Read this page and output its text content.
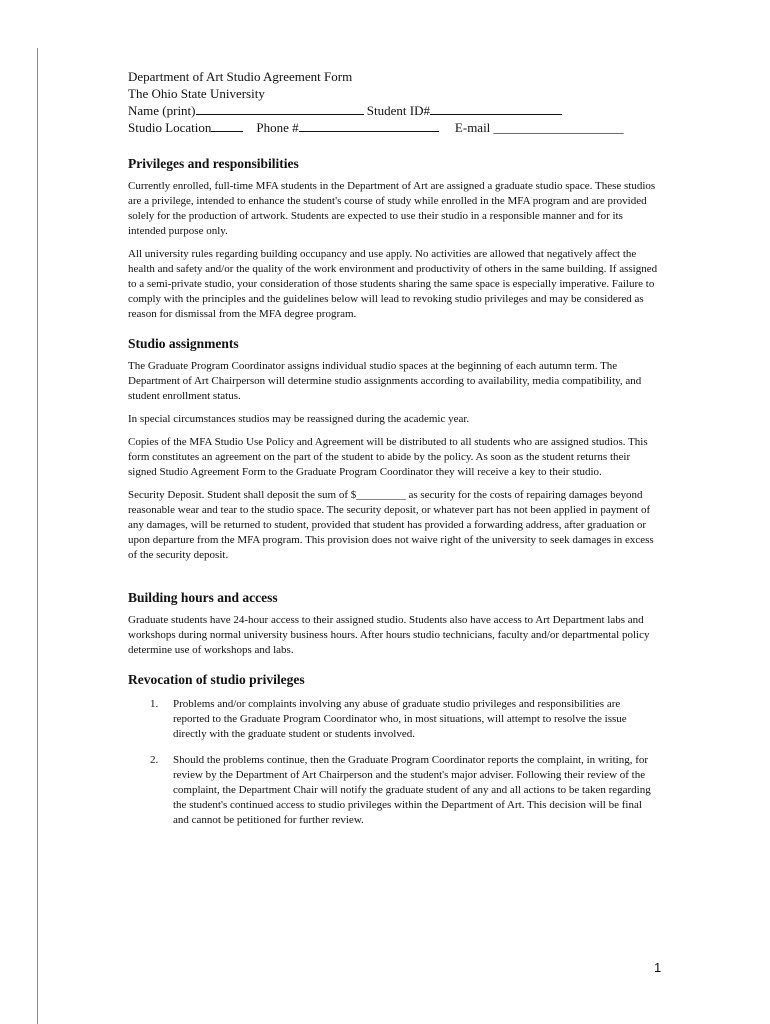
Department of Art Studio Agreement Form
The Ohio State University
Name (print)	Student ID#
Studio Location	Phone #	E-mail ____________________
Privileges and responsibilities

Currently enrolled, full-time MFA students in the Department of Art are assigned a graduate studio space. These studios are a privilege, intended to enhance the student's course of study while enrolled in the MFA program and are provided solely for the production of artwork. Students are expected to use their studio in a responsible manner and for its intended purpose only.

All university rules regarding building occupancy and use apply. No activities are allowed that negatively affect the health and safety and/or the quality of the work environment and productivity of others in the same building. If assigned to a semi-private studio, your consideration of those students sharing the same space is especially imperative. Failure to comply with the principles and the guidelines below will lead to revoking studio privileges and may be considered as reason for dismissal from the MFA degree program.

Studio assignments

The Graduate Program Coordinator assigns individual studio spaces at the beginning of each autumn term. The Department of Art Chairperson will determine studio assignments according to availability, media compatibility, and student enrollment status.

In special circumstances studios may be reassigned during the academic year.

Copies of the MFA Studio Use Policy and Agreement will be distributed to all students who are assigned studios. This form constitutes an agreement on the part of the student to abide by the policy. As soon as the student returns their signed Studio Agreement Form to the Graduate Program Coordinator they will receive a key to their studio.

Security Deposit. Student shall deposit the sum of $_________ as security for the costs of repairing damages beyond reasonable wear and tear to the studio space. The security deposit, or whatever part has not been applied in payment of any damages, will be returned to student, provided that student has provided a forwarding address, after graduation or upon departure from the MFA program. This provision does not waive right of the university to seek damages in excess of the security deposit.

Building hours and access

Graduate students have 24-hour access to their assigned studio. Students also have access to Art Department labs and workshops during normal university business hours. After hours studio technicians, faculty and/or departmental policy determine use of workshops and labs.

Revocation of studio privileges
1. Problems and/or complaints involving any abuse of graduate studio privileges and responsibilities are reported to the Graduate Program Coordinator who, in most situations, will attempt to resolve the issue directly with the graduate student or students involved.
2. Should the problems continue, then the Graduate Program Coordinator reports the complaint, in writing, for review by the Department of Art Chairperson and the student's major adviser. Following their review of the complaint, the Department Chair will notify the graduate student of any and all actions to be taken regarding the student's continued access to studio privileges within the Department of Art. This decision will be final and cannot be petitioned for further review.
1
